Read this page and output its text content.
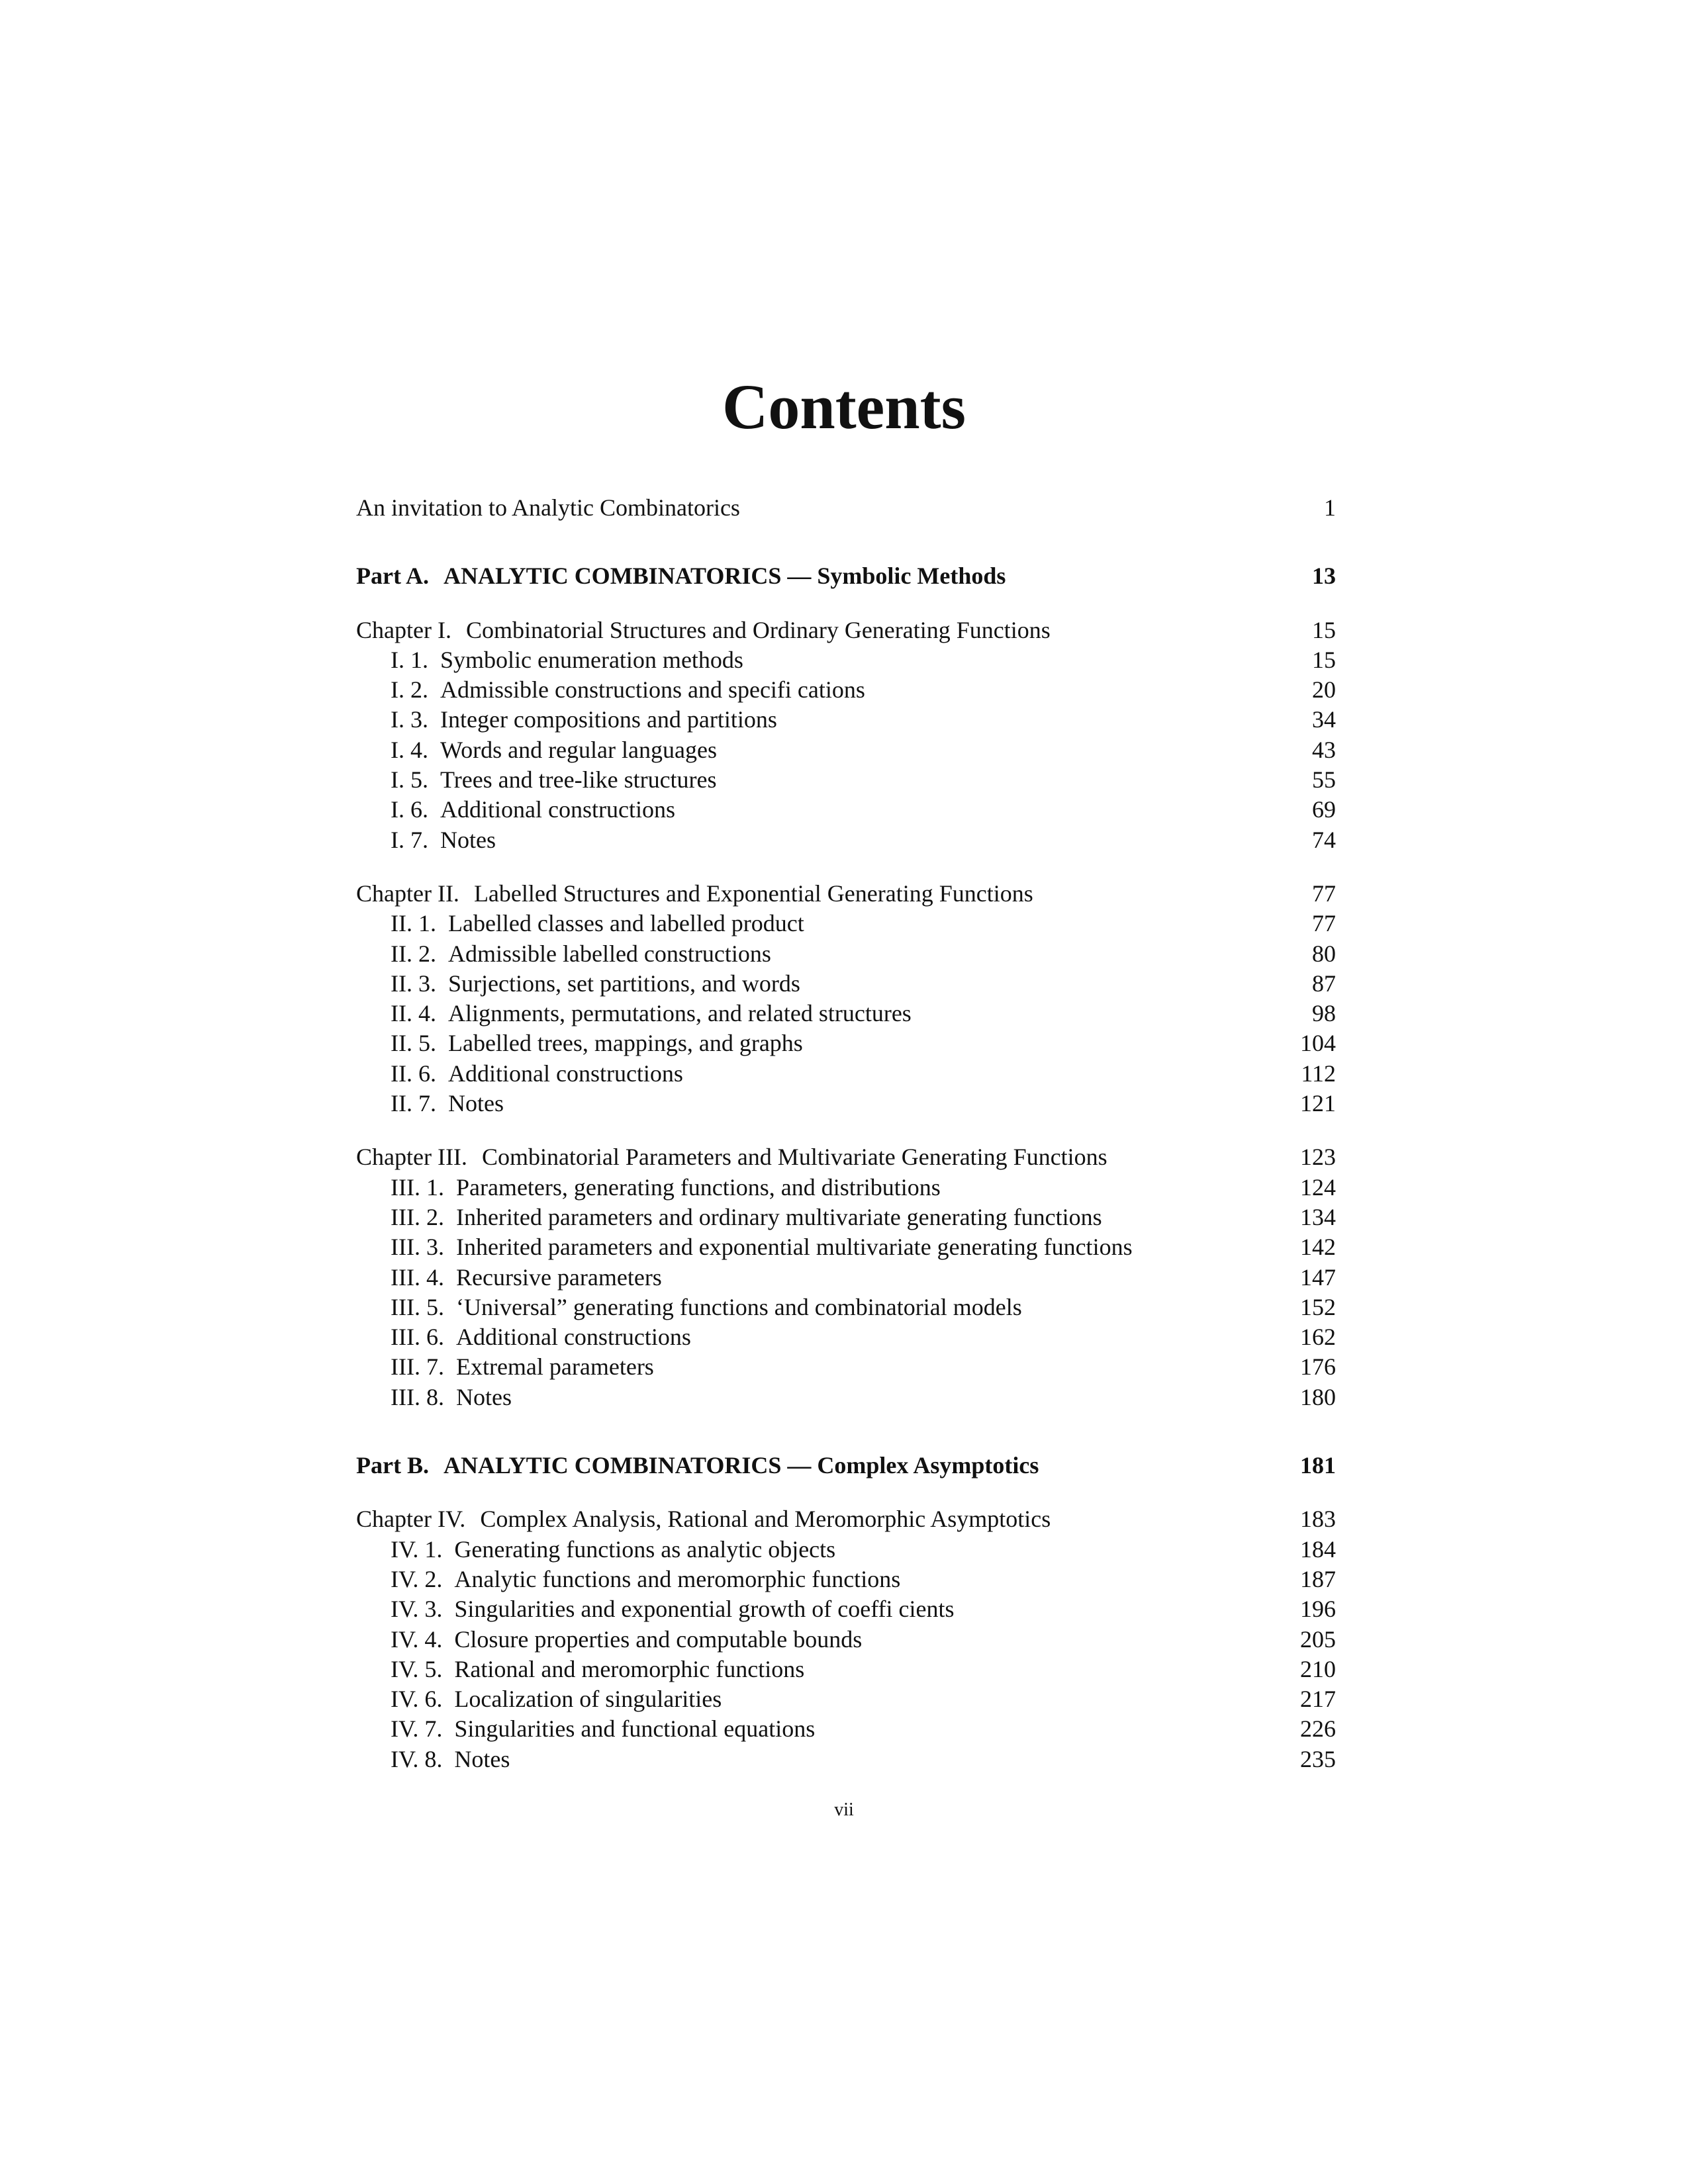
Contents
An invitation to Analytic Combinatorics	1
Part A. ANALYTIC COMBINATORICS — Symbolic Methods	13
Chapter I. Combinatorial Structures and Ordinary Generating Functions	15
I. 1. Symbolic enumeration methods	15
I. 2. Admissible constructions and specifi cations	20
I. 3. Integer compositions and partitions	34
I. 4. Words and regular languages	43
I. 5. Trees and tree-like structures	55
I. 6. Additional constructions	69
I. 7. Notes	74
Chapter II. Labelled Structures and Exponential Generating Functions	77
II. 1. Labelled classes and labelled product	77
II. 2. Admissible labelled constructions	80
II. 3. Surjections, set partitions, and words	87
II. 4. Alignments, permutations, and related structures	98
II. 5. Labelled trees, mappings, and graphs	104
II. 6. Additional constructions	112
II. 7. Notes	121
Chapter III. Combinatorial Parameters and Multivariate Generating Functions	123
III. 1. Parameters, generating functions, and distributions	124
III. 2. Inherited parameters and ordinary multivariate generating functions	134
III. 3. Inherited parameters and exponential multivariate generating functions	142
III. 4. Recursive parameters	147
III. 5. ‘Universal” generating functions and combinatorial models	152
III. 6. Additional constructions	162
III. 7. Extremal parameters	176
III. 8. Notes	180
Part B. ANALYTIC COMBINATORICS — Complex Asymptotics	181
Chapter IV. Complex Analysis, Rational and Meromorphic Asymptotics	183
IV. 1. Generating functions as analytic objects	184
IV. 2. Analytic functions and meromorphic functions	187
IV. 3. Singularities and exponential growth of coeffi cients	196
IV. 4. Closure properties and computable bounds	205
IV. 5. Rational and meromorphic functions	210
IV. 6. Localization of singularities	217
IV. 7. Singularities and functional equations	226
IV. 8. Notes	235
vii
